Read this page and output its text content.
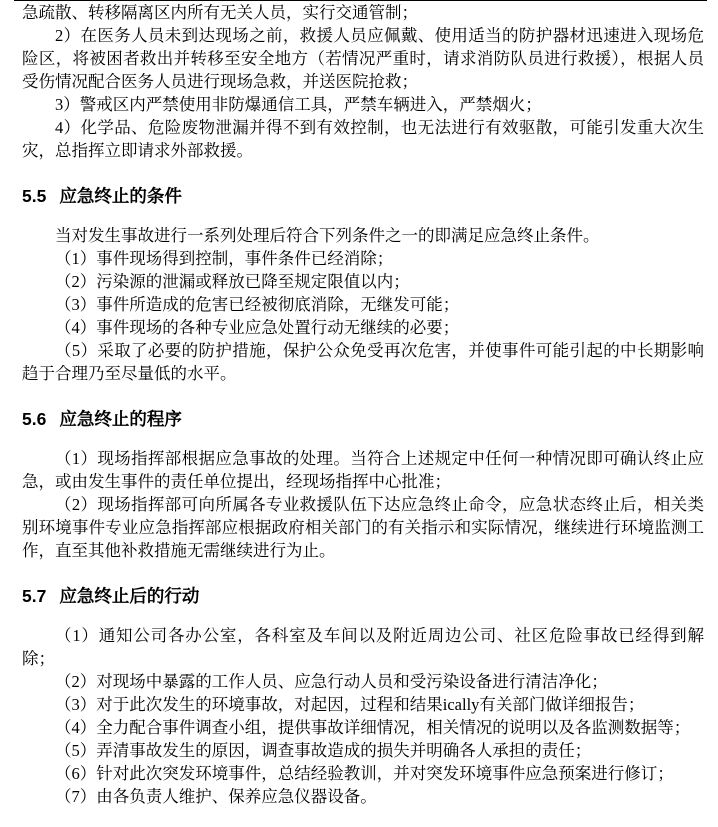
急疏散、转移隔离区内所有无关人员，实行交通管制；

2）在医务人员未到达现场之前，救援人员应佩戴、使用适当的防护器材迅速进入现场危险区，将被困者救出并转移至安全地方（若情况严重时，请求消防队员进行救援），根据人员受伤情况配合医务人员进行现场急救，并送医院抢救；

3）警戒区内严禁使用非防爆通信工具，严禁车辆进入，严禁烟火；

4）化学品、危险废物泄漏并得不到有效控制，也无法进行有效驱散，可能引发重大次生灾，总指挥立即请求外部救援。

5.5 应急终止的条件

当对发生事故进行一系列处理后符合下列条件之一的即满足应急终止条件。

（1）事件现场得到控制，事件条件已经消除；

（2）污染源的泄漏或释放已降至规定限值以内；

（3）事件所造成的危害已经被彻底消除，无继发可能；

（4）事件现场的各种专业应急处置行动无继续的必要；

（5）采取了必要的防护措施，保护公众免受再次危害，并使事件可能引起的中长期影响趋于合理乃至尽量低的水平。

5.6 应急终止的程序

（1）现场指挥部根据应急事故的处理。当符合上述规定中任何一种情况即可确认终止应急，或由发生事件的责任单位提出，经现场指挥中心批准；

（2）现场指挥部可向所属各专业救援队伍下达应急终止命令，应急状态终止后，相关类别环境事件专业应急指挥部应根据政府相关部门的有关指示和实际情况，继续进行环境监测工作，直至其他补救措施无需继续进行为止。

5.7 应急终止后的行动

（1）通知公司各办公室，各科室及车间以及附近周边公司、社区危险事故已经得到解除；

（2）对现场中暴露的工作人员、应急行动人员和受污染设备进行清洁净化；

（3）对于此次发生的环境事故，对起因，过程和结果ically有关部门做详细报告；

（4）全力配合事件调查小组，提供事故详细情况，相关情况的说明以及各监测数据等；

（5）弄清事故发生的原因，调查事故造成的损失并明确各人承担的责任；

（6）针对此次突发环境事件，总结经验教训，并对突发环境事件应急预案进行修订；

（7）由各负责人维护、保养应急仪器设备。
